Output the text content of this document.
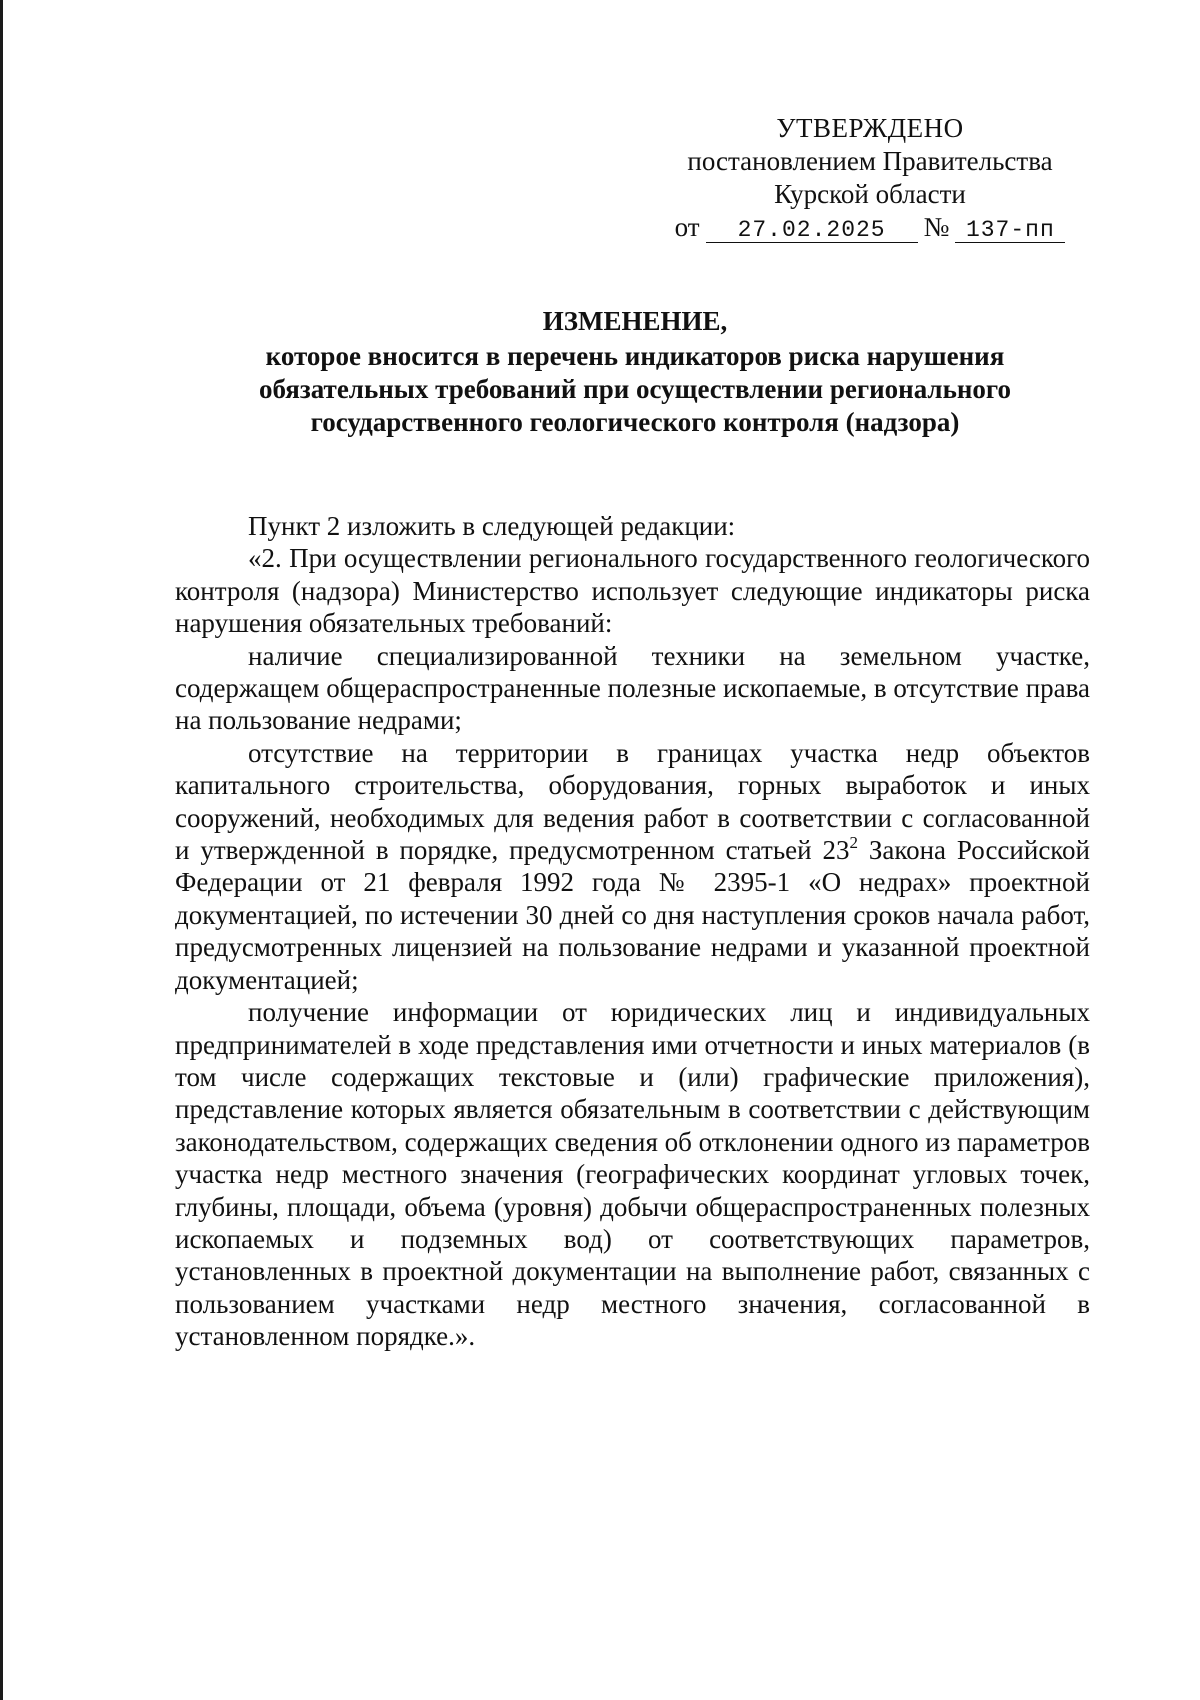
УТВЕРЖДЕНО
постановлением Правительства
Курской области
от	27.02.2025	№ 137-пп
ИЗМЕНЕНИЕ,
которое вносится в перечень индикаторов риска нарушения
обязательных требований при осуществлении регионального
государственного геологического контроля (надзора)

Пункт 2 изложить в следующей редакции:

«2. При осуществлении регионального государственного геологического контроля (надзора) Министерство использует следующие индикаторы риска нарушения обязательных требований:

наличие специализированной техники на земельном участке, содержащем общераспространенные полезные ископаемые, в отсутствие права на пользование недрами;

отсутствие на территории в границах участка недр объектов капитального строительства, оборудования, горных выработок и иных сооружений, необходимых для ведения работ в соответствии с согласованной и утвержденной в порядке, предусмотренном статьей $23^2$ Закона Российской Федерации от 21 февраля 1992 года № 2395-1 «О недрах» проектной документацией, по истечении 30 дней со дня наступления сроков начала работ, предусмотренных лицензией на пользование недрами и указанной проектной документацией;

получение информации от юридических лиц и индивидуальных предпринимателей в ходе представления ими отчетности и иных материалов (в том числе содержащих текстовые и (или) графические приложения), представление которых является обязательным в соответствии с действующим законодательством, содержащих сведения об отклонении одного из параметров участка недр местного значения (географических координат угловых точек, глубины, площади, объема (уровня) добычи общераспространенных полезных ископаемых и подземных вод) от соответствующих параметров, установленных в проектной документации на выполнение работ, связанных с пользованием участками недр местного значения, согласованной в установленном порядке.».
